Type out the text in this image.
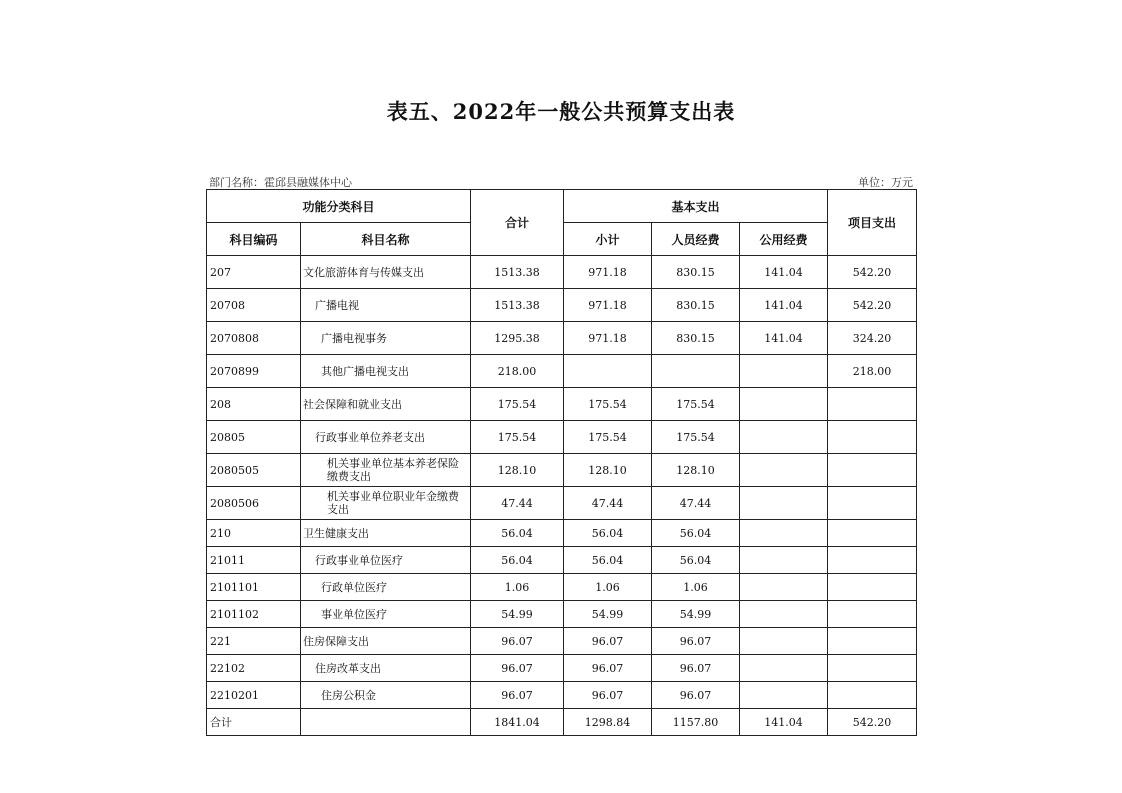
表五、2022年一般公共预算支出表
部门名称：霍邱县融媒体中心	单位：万元
功能分类科目		合计	基本支出			项目支出
科目编码	科目名称		小计	人员经费	公用经费	
207	文化旅游体育与传媒支出	1513.38	971.18	830.15	141.04	542.20
20708	广播电视	1513.38	971.18	830.15	141.04	542.20
2070808	广播电视事务	1295.38	971.18	830.15	141.04	324.20
2070899	其他广播电视支出	218.00				218.00
208	社会保障和就业支出	175.54	175.54	175.54		
20805	行政事业单位养老支出	175.54	175.54	175.54		
2080505	机关事业单位基本养老保险缴费支出	128.10	128.10	128.10		
2080506	机关事业单位职业年金缴费支出	47.44	47.44	47.44		
210	卫生健康支出	56.04	56.04	56.04		
21011	行政事业单位医疗	56.04	56.04	56.04		
2101101	行政单位医疗	1.06	1.06	1.06		
2101102	事业单位医疗	54.99	54.99	54.99		
221	住房保障支出	96.07	96.07	96.07		
22102	住房改革支出	96.07	96.07	96.07		
2210201	住房公积金	96.07	96.07	96.07		
合计		1841.04	1298.84	1157.80	141.04	542.20
